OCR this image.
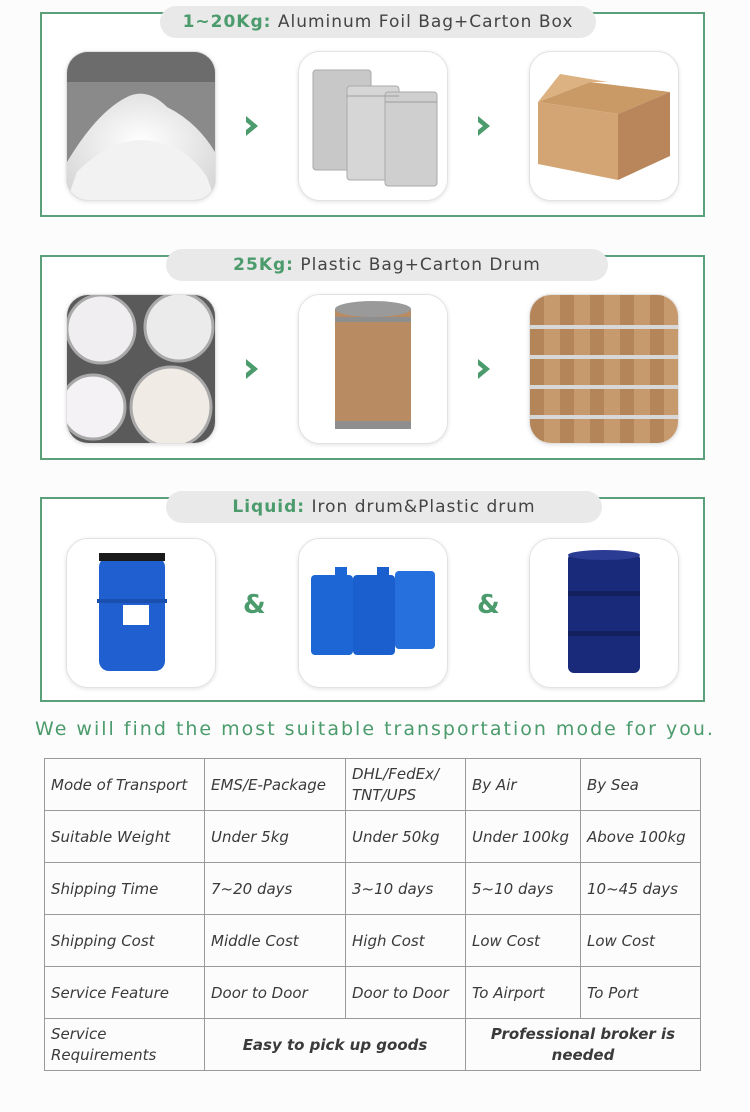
1~20Kg: Aluminum Foil Bag+Carton Box
25Kg: Plastic Bag+Carton Drum
Liquid: Iron drum&Plastic drum
&	&
We will find the most suitable transportation mode for you.
Mode of Transport	EMS/E-Package	DHL/FedEx/ TNT/UPS	By Air	By Sea
Suitable Weight	Under 5kg	Under 50kg	Under 100kg	Above 100kg
Shipping Time	7~20 days	3~10 days	5~10 days	10~45 days
Shipping Cost	Middle Cost	High Cost	Low Cost	Low Cost
Service Feature	Door to Door	Door to Door	To Airport	To Port
Service Requirements	Easy to pick up goods		Professional broker is needed	
